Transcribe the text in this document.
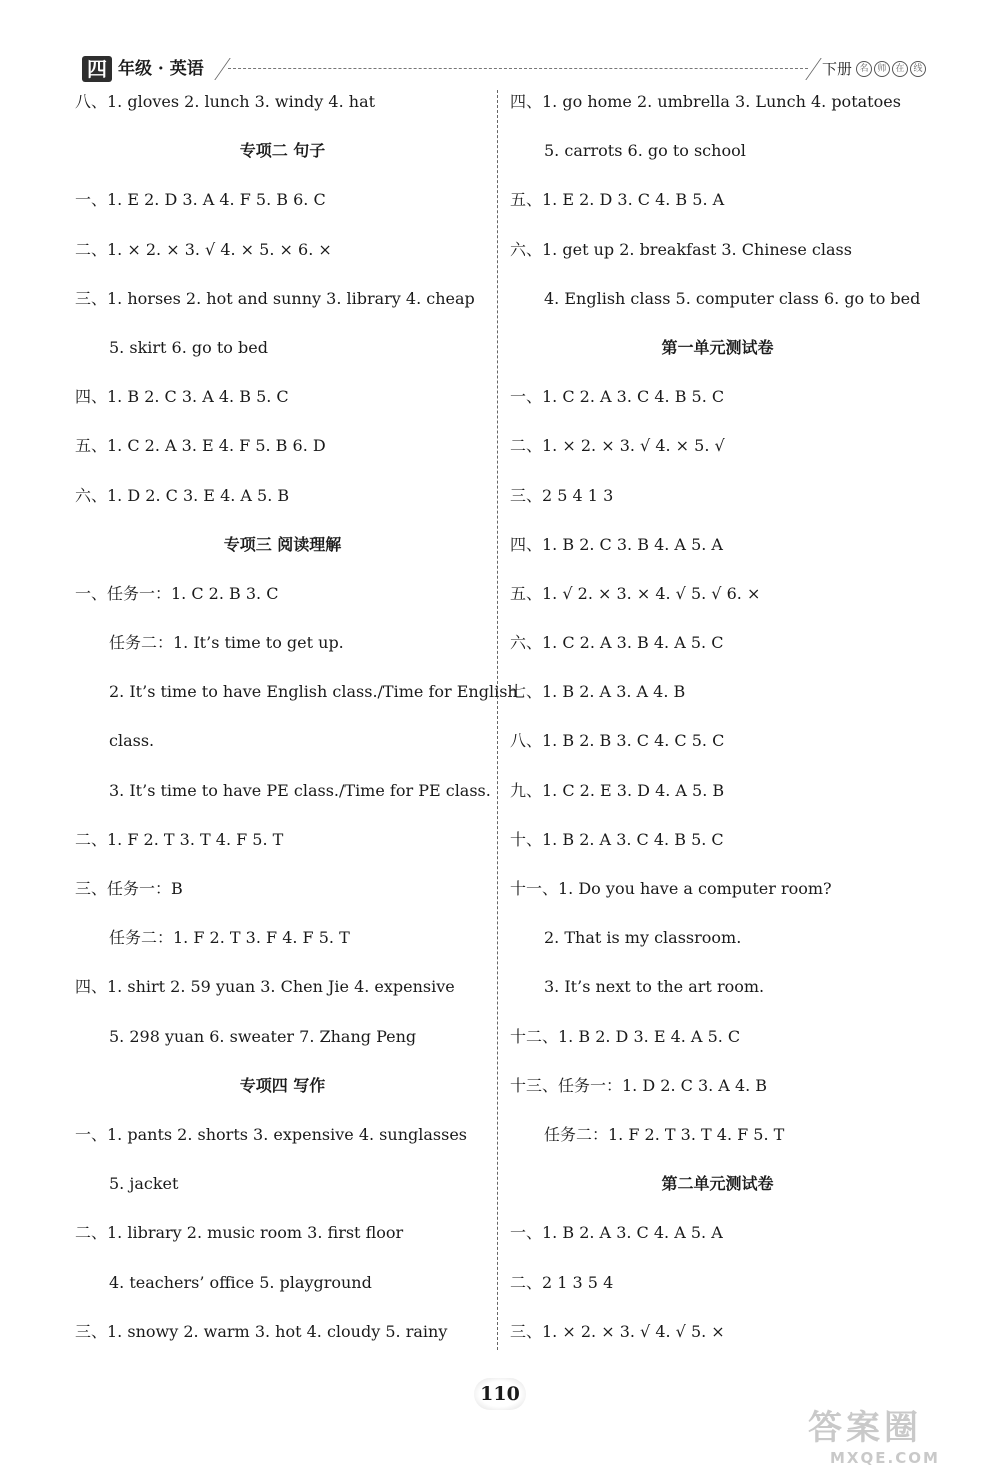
四 年级 · 英语	下册 名 师 在 线
八、1. gloves 2. lunch 3. windy 4. hat
专项二 句子
一、1. E 2. D 3. A 4. F 5. B 6. C
二、1. × 2. × 3. √ 4. × 5. × 6. ×
三、1. horses 2. hot and sunny 3. library 4. cheap
5. skirt 6. go to bed
四、1. B 2. C 3. A 4. B 5. C
五、1. C 2. A 3. E 4. F 5. B 6. D
六、1. D 2. C 3. E 4. A 5. B
专项三 阅读理解
一、任务一：1. C 2. B 3. C
任务二：1. It’s time to get up.
2. It’s time to have English class./Time for English
class.
3. It’s time to have PE class./Time for PE class.
二、1. F 2. T 3. T 4. F 5. T
三、任务一：B
任务二：1. F 2. T 3. F 4. F 5. T
四、1. shirt 2. 59 yuan 3. Chen Jie 4. expensive
5. 298 yuan 6. sweater 7. Zhang Peng
专项四 写作
一、1. pants 2. shorts 3. expensive 4. sunglasses
5. jacket
二、1. library 2. music room 3. first floor
4. teachers’ office 5. playground
三、1. snowy 2. warm 3. hot 4. cloudy 5. rainy
四、1. go home 2. umbrella 3. Lunch 4. potatoes
5. carrots 6. go to school
五、1. E 2. D 3. C 4. B 5. A
六、1. get up 2. breakfast 3. Chinese class
4. English class 5. computer class 6. go to bed
第一单元测试卷
一、1. C 2. A 3. C 4. B 5. C
二、1. × 2. × 3. √ 4. × 5. √
三、2 5 4 1 3
四、1. B 2. C 3. B 4. A 5. A
五、1. √ 2. × 3. × 4. √ 5. √ 6. ×
六、1. C 2. A 3. B 4. A 5. C
七、1. B 2. A 3. A 4. B
八、1. B 2. B 3. C 4. C 5. C
九、1. C 2. E 3. D 4. A 5. B
十、1. B 2. A 3. C 4. B 5. C
十一、1. Do you have a computer room?
2. That is my classroom.
3. It’s next to the art room.
十二、1. B 2. D 3. E 4. A 5. C
十三、任务一：1. D 2. C 3. A 4. B
任务二：1. F 2. T 3. T 4. F 5. T
第二单元测试卷
一、1. B 2. A 3. C 4. A 5. A
二、2 1 3 5 4
三、1. × 2. × 3. √ 4. √ 5. ×
110
答案圈
MXQE.COM
